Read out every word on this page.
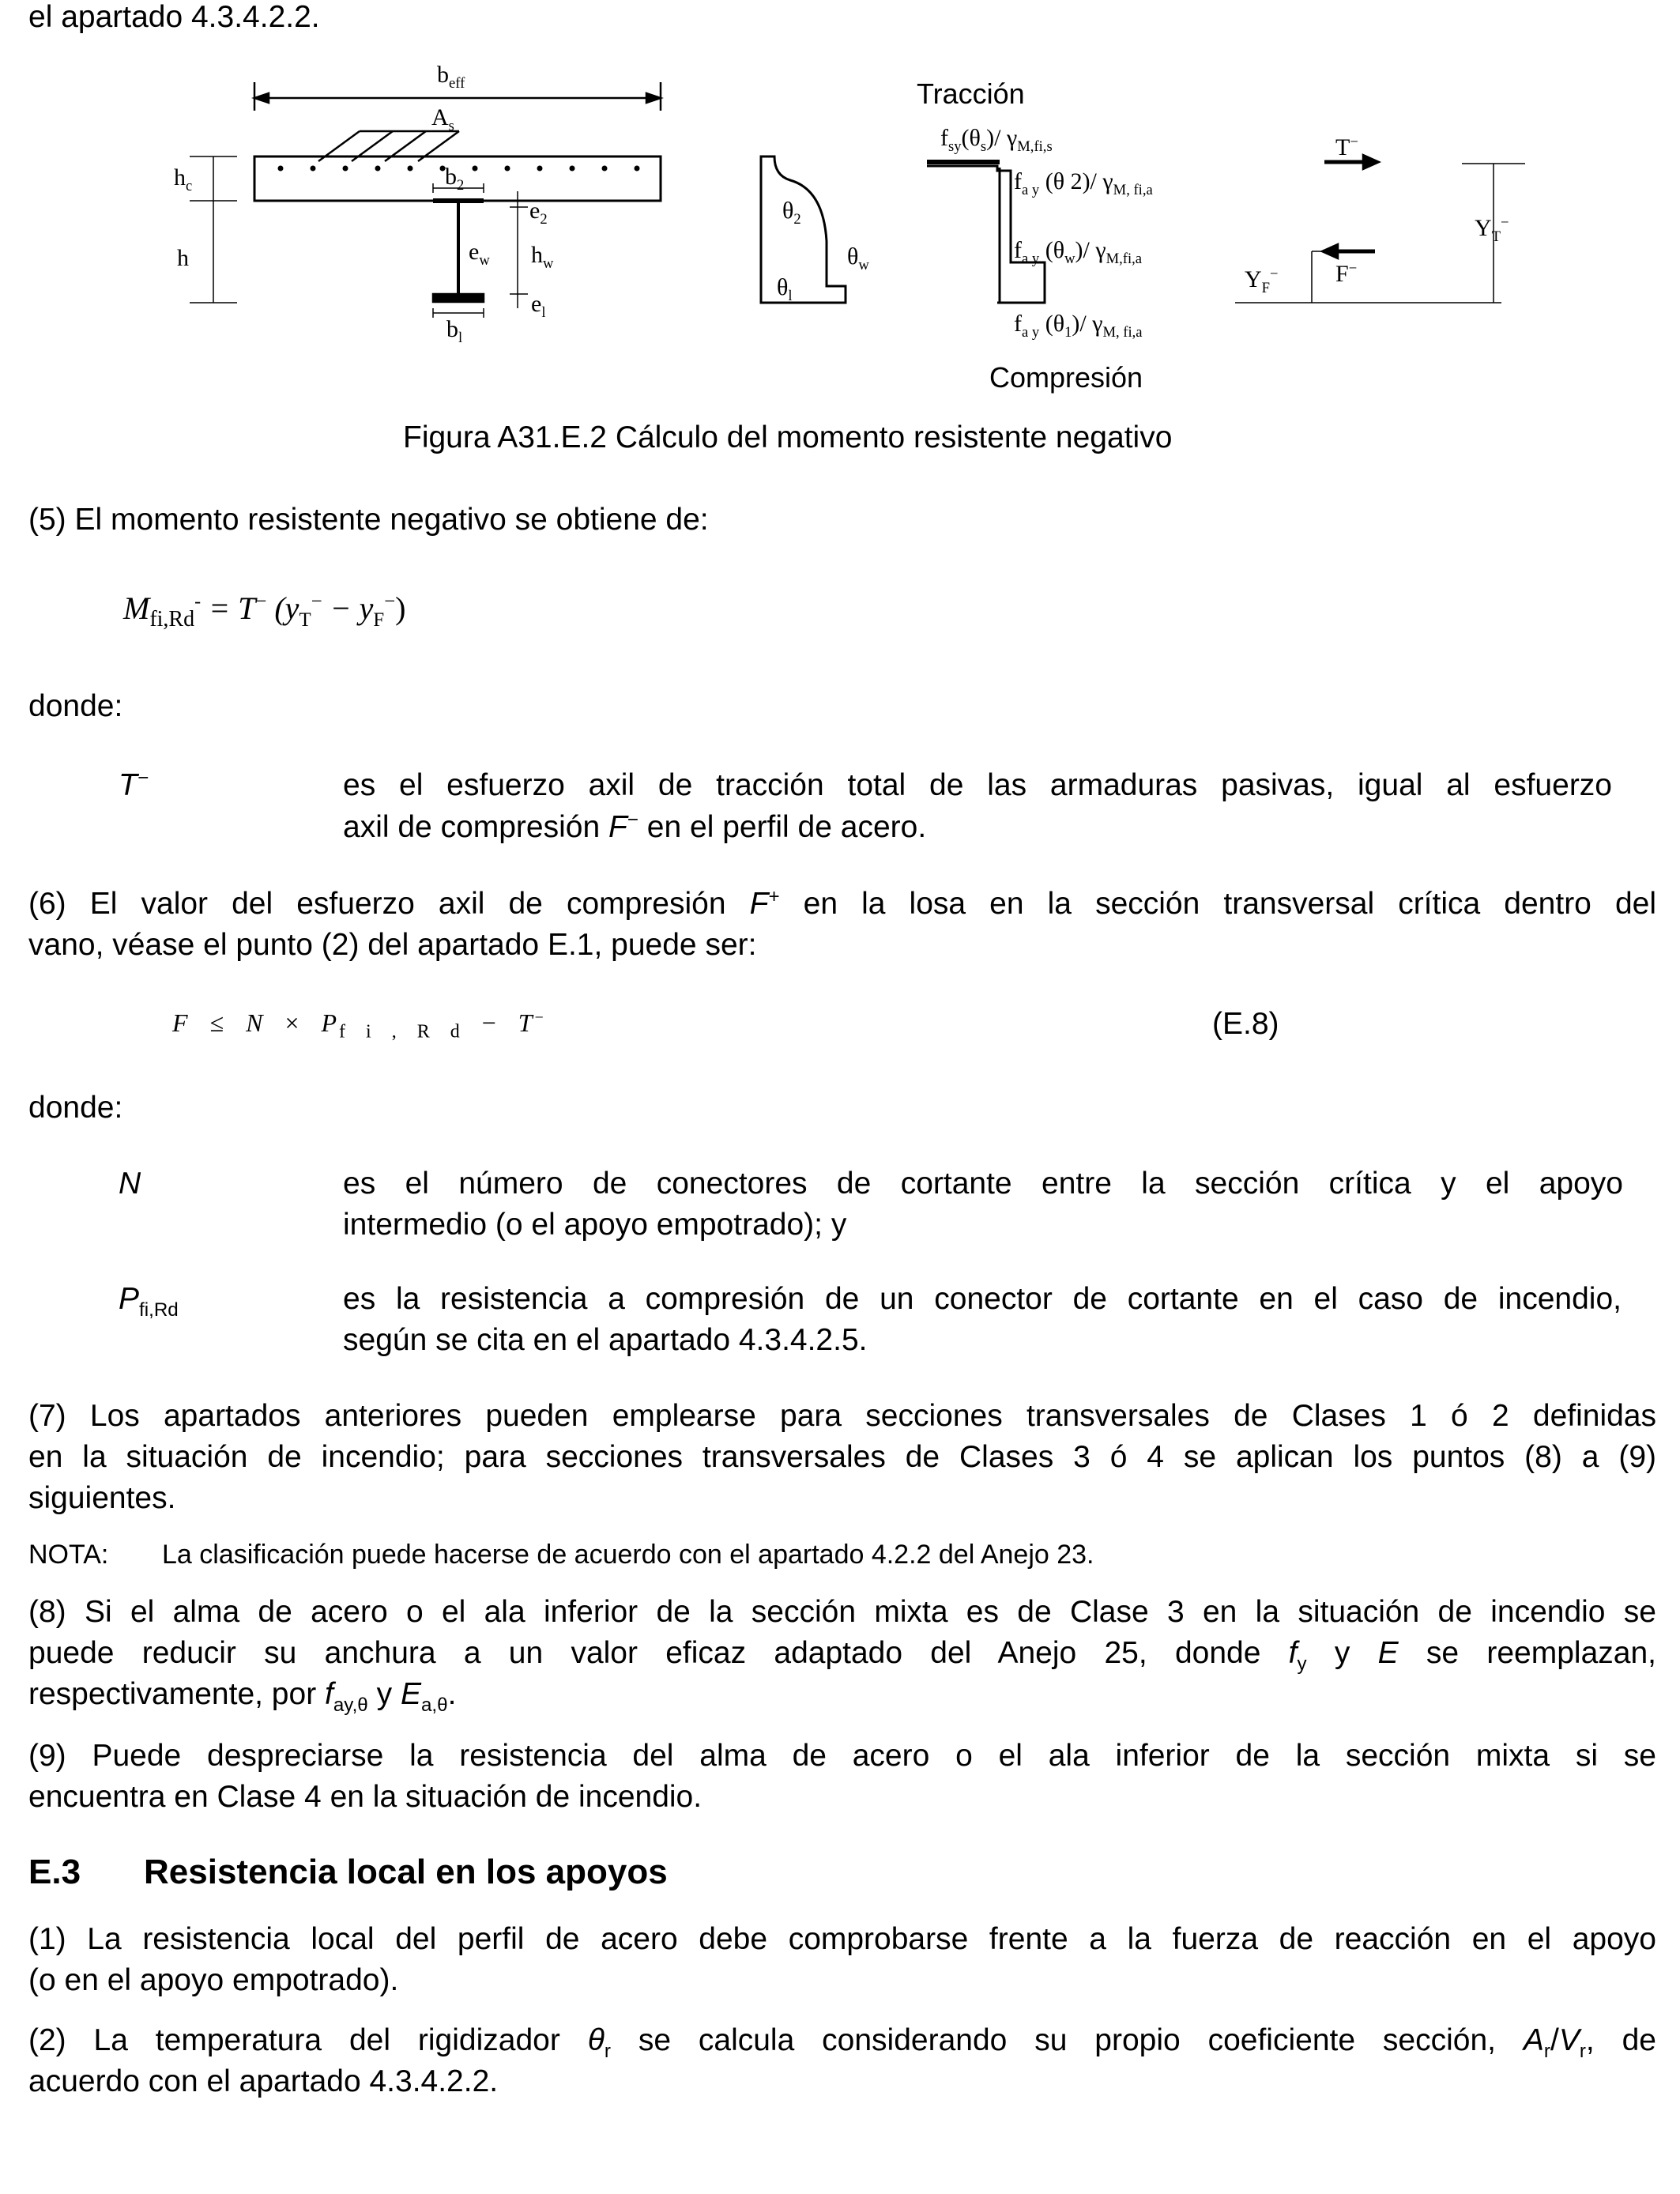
el apartado 4.3.4.2.2.

$b_{eff}$
$A_s$
$h_c$	$b_2$
$e_2$
h	$e_w$ $h_w$
$e_l$
$b_l$
$\theta_2$
$\theta_w$
$\theta_l$
Tracción
$f_{sy}(\theta_s)/$ $\gamma_{M,fi,s}$
$f_{a y}$ (θ 2)/ $\gamma_{M, fi,a}$
$f_{a y}$ $(\theta_w)/$ $\gamma_{M,fi,a}$
$f_{a y}$ $(\theta_1)/$ $\gamma_{M, fi,a}$
Compresión
T−
F−
$Y_T^-$
$Y_F^-$

Figura A31.E.2 Cálculo del momento resistente negativo

(5) El momento resistente negativo se obtiene de:

$M_{fi,Rd}^- = T^-$ $(y_T^- - y_F^-)$

donde:

T−	es el esfuerzo axil de tracción total de las armaduras pasivas, igual al esfuerzo

axil de compresión F− en el perfil de acero.

(6) El valor del esfuerzo axil de compresión F+ en la losa en la sección transversal crítica dentro del

vano, véase el punto (2) del apartado E.1, puede ser:

$F \le N \times P_{f i , R d} - T^-$	(E.8)

donde:

N	es el número de conectores de cortante entre la sección crítica y el apoyo

intermedio (o el apoyo empotrado); y

$P_{fi,Rd}$	es la resistencia a compresión de un conector de cortante en el caso de incendio,

según se cita en el apartado 4.3.4.2.5.

(7) Los apartados anteriores pueden emplearse para secciones transversales de Clases 1 ó 2 definidas

en la situación de incendio; para secciones transversales de Clases 3 ó 4 se aplican los puntos (8) a (9)

siguientes.

NOTA: La clasificación puede hacerse de acuerdo con el apartado 4.2.2 del Anejo 23.

(8) Si el alma de acero o el ala inferior de la sección mixta es de Clase 3 en la situación de incendio se

puede reducir su anchura a un valor eficaz adaptado del Anejo 25, donde $f_y$ y E se reemplazan,

respectivamente, por $f_{ay,\theta}$ y $E_{a,\theta}$.

(9) Puede despreciarse la resistencia del alma de acero o el ala inferior de la sección mixta si se

encuentra en Clase 4 en la situación de incendio.

E.3 Resistencia local en los apoyos

(1) La resistencia local del perfil de acero debe comprobarse frente a la fuerza de reacción en el apoyo

(o en el apoyo empotrado).

(2) La temperatura del rigidizador $\theta_r$ se calcula considerando su propio coeficiente sección, $A_r/V_r$, de

acuerdo con el apartado 4.3.4.2.2.
